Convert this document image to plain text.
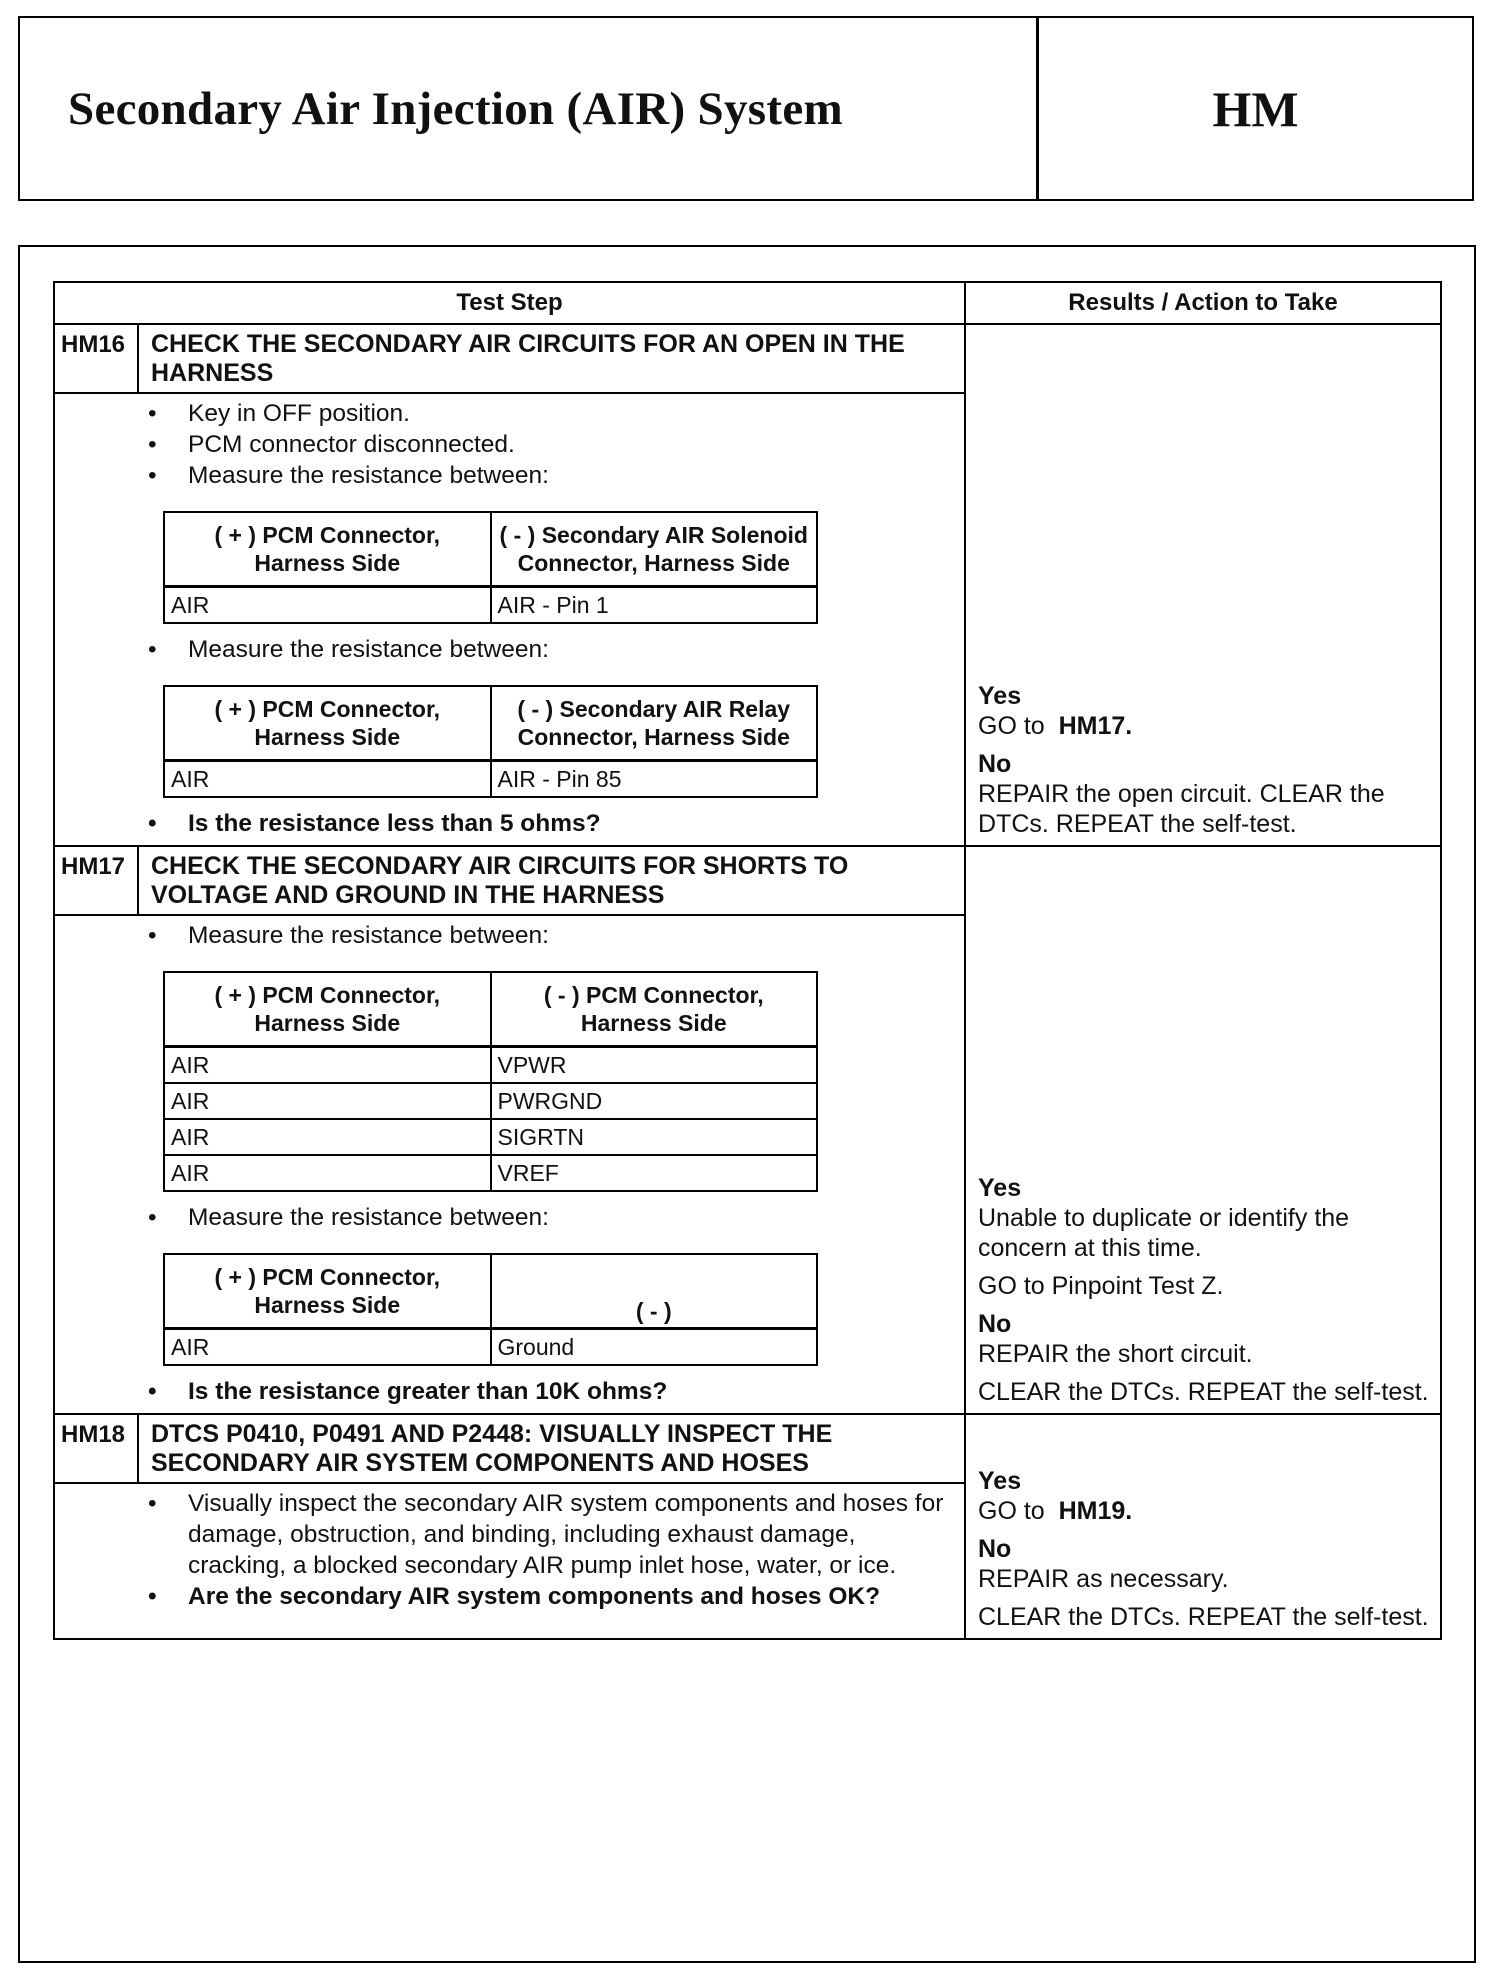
Secondary Air Injection (AIR) System	HM
Test Step	Results / Action to Take
HM16	CHECK THE SECONDARY AIR CIRCUITS FOR AN OPEN IN THE HARNESS	

Yes

GO to HM17.

No

REPAIR the open circuit. CLEAR the DTCs. REPEAT the self-test.

• Key in OFF position.
• PCM connector disconnected.
• Measure the resistance between:
( + ) PCM Connector, Harness Side	( - ) Secondary AIR Solenoid Connector, Harness Side
AIR	AIR - Pin 1
• Measure the resistance between:
( + ) PCM Connector, Harness Side	( - ) Secondary AIR Relay Connector, Harness Side
AIR	AIR - Pin 85
• Is the resistance less than 5 ohms?

HM17	CHECK THE SECONDARY AIR CIRCUITS FOR SHORTS TO VOLTAGE AND GROUND IN THE HARNESS	

Yes

Unable to duplicate or identify the concern at this time.

GO to Pinpoint Test Z.

No

REPAIR the short circuit.

CLEAR the DTCs. REPEAT the self-test.

• Measure the resistance between:
( + ) PCM Connector, Harness Side	( - ) PCM Connector, Harness Side
AIR	VPWR
AIR	PWRGND
AIR	SIGRTN
AIR	VREF
• Measure the resistance between:
( + ) PCM Connector, Harness Side	( - )
AIR	Ground
• Is the resistance greater than 10K ohms?

HM18	DTCS P0410, P0491 AND P2448: VISUALLY INSPECT THE SECONDARY AIR SYSTEM COMPONENTS AND HOSES	

Yes

GO to HM19.

No

REPAIR as necessary.

CLEAR the DTCs. REPEAT the self-test.

• Visually inspect the secondary AIR system components and hoses for damage, obstruction, and binding, including exhaust damage, cracking, a blocked secondary AIR pump inlet hose, water, or ice.
• Are the secondary AIR system components and hoses OK?
